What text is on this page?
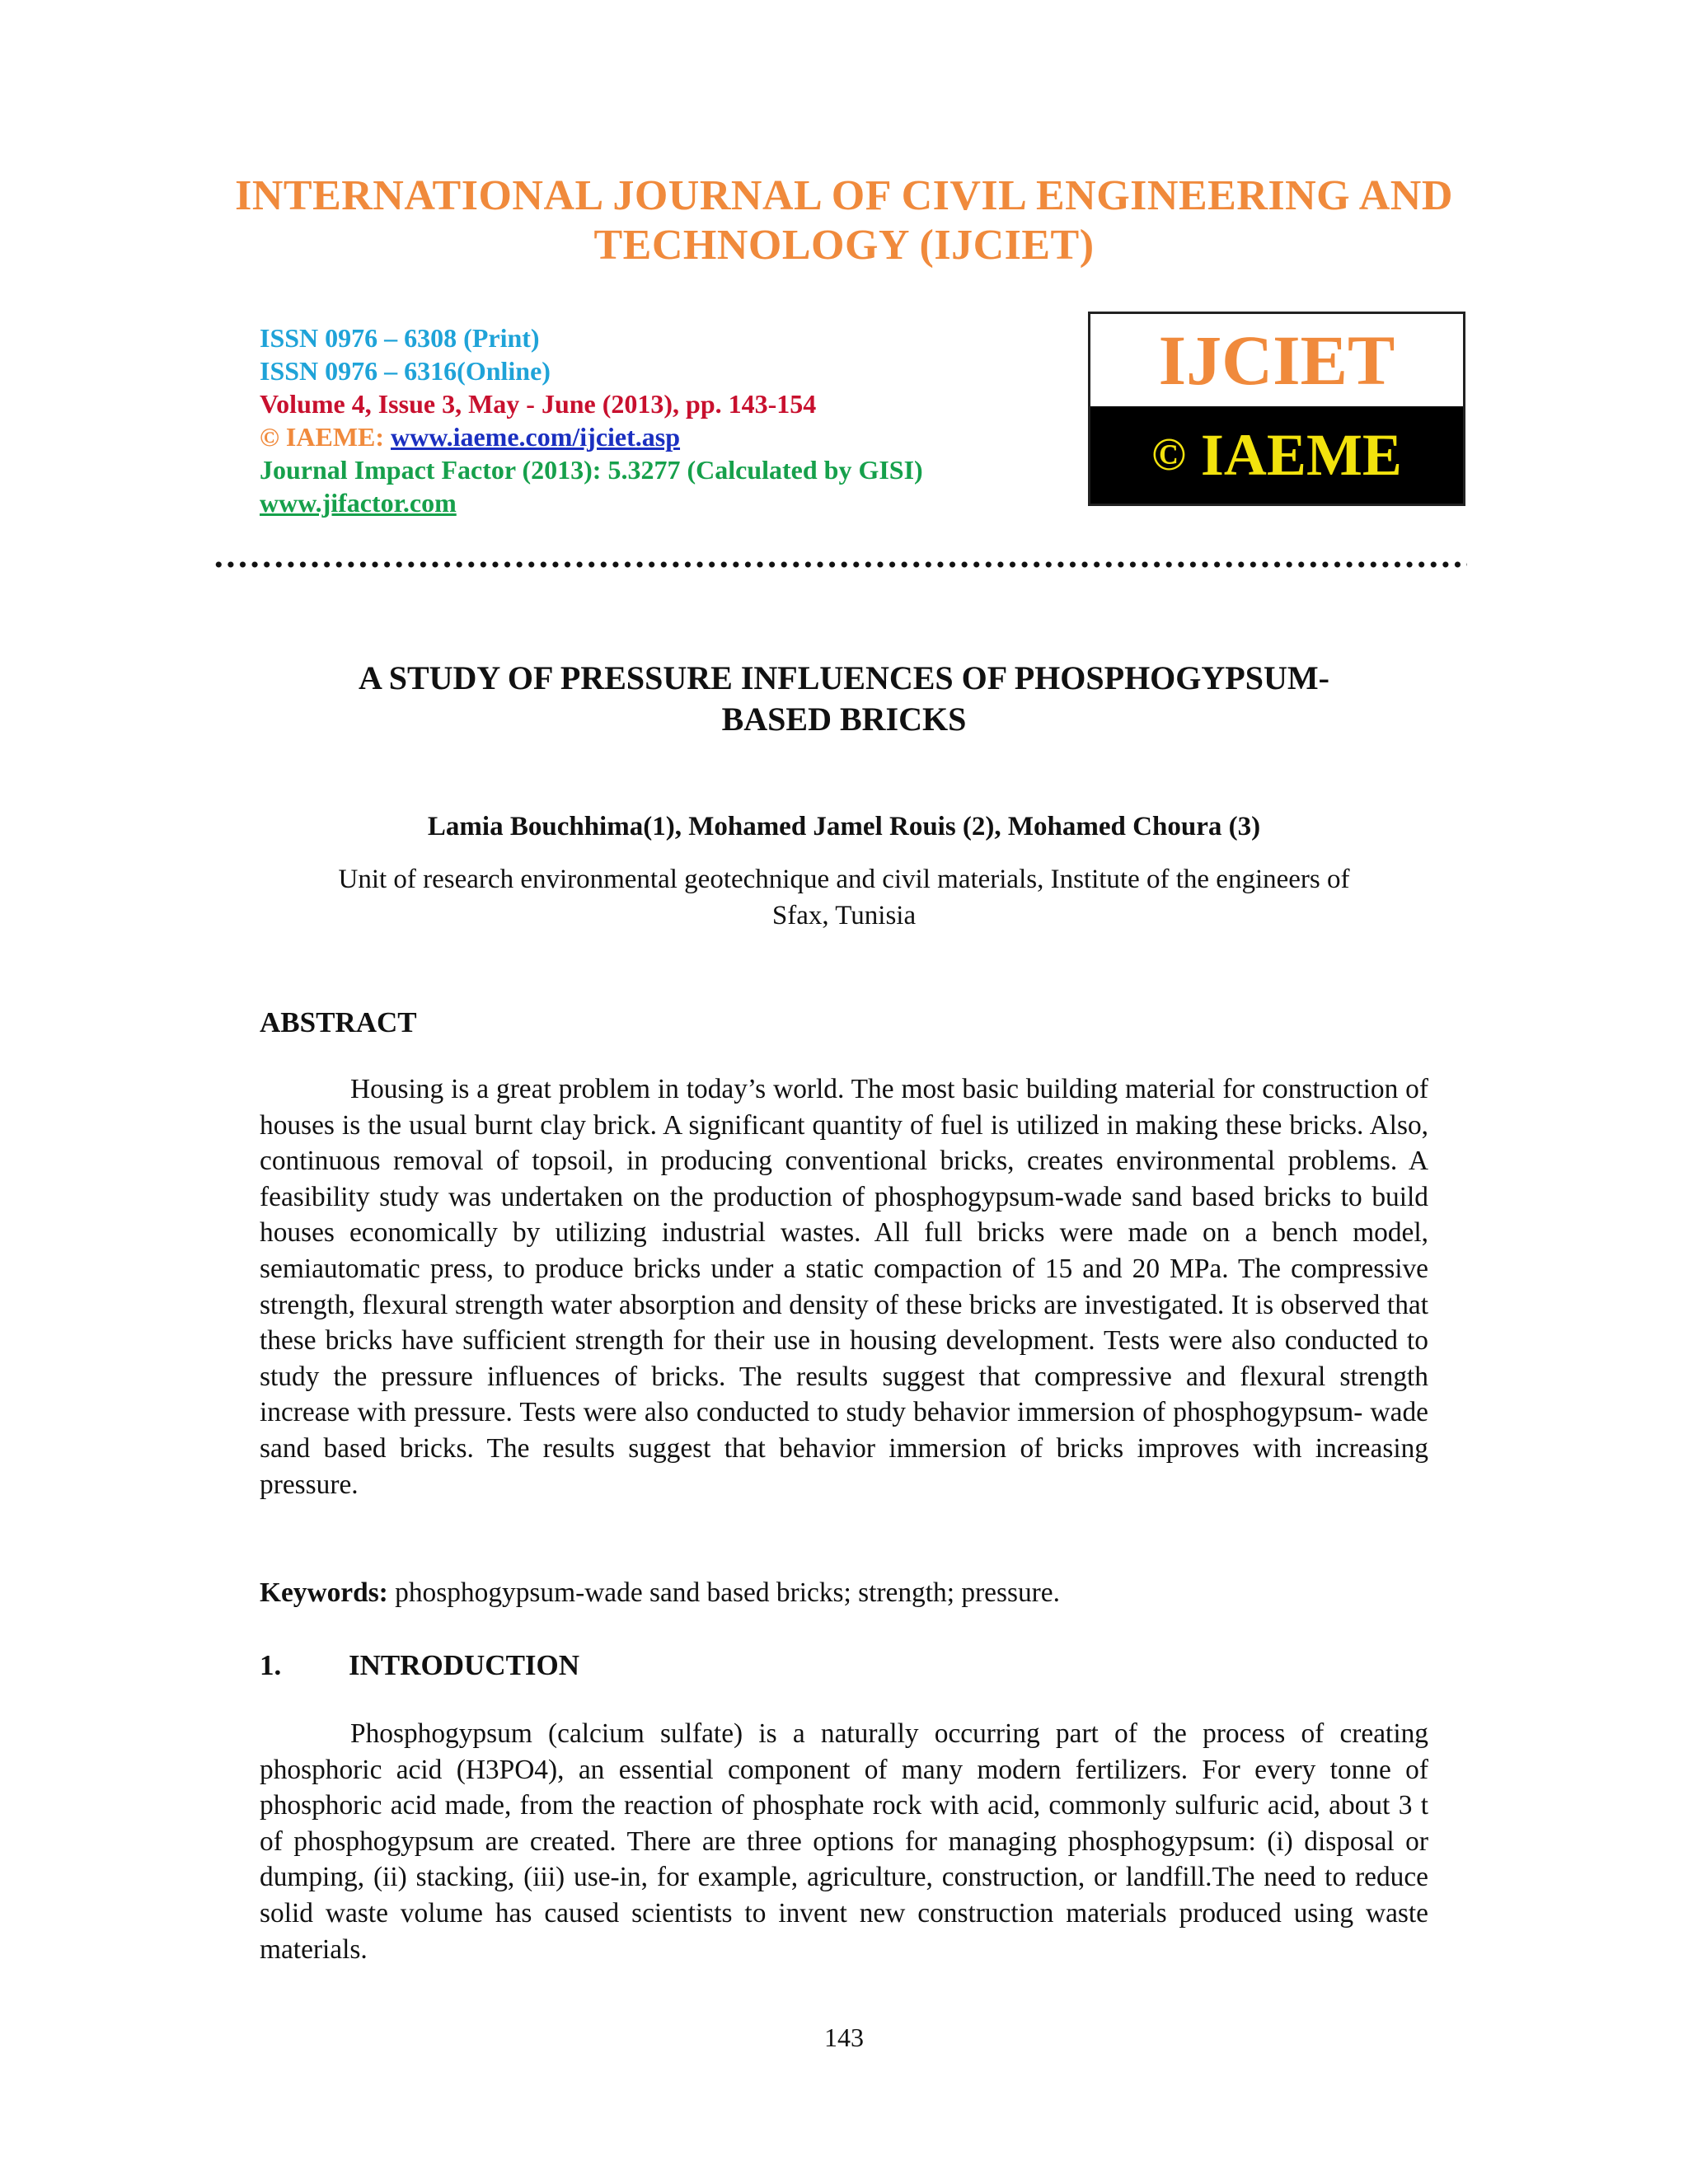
INTERNATIONAL JOURNAL OF CIVIL ENGINEERING AND
TECHNOLOGY (IJCIET)
ISSN 0976 – 6308 (Print)
ISSN 0976 – 6316(Online)
Volume 4, Issue 3, May - June (2013), pp. 143-154
© IAEME: www.iaeme.com/ijciet.asp
Journal Impact Factor (2013): 5.3277 (Calculated by GISI)
www.jifactor.com
IJCIET
© IAEME
A STUDY OF PRESSURE INFLUENCES OF PHOSPHOGYPSUM-
BASED BRICKS
Lamia Bouchhima(1), Mohamed Jamel Rouis (2), Mohamed Choura (3)
Unit of research environmental geotechnique and civil materials, Institute of the engineers of
Sfax, Tunisia
ABSTRACT
Housing is a great problem in today’s world. The most basic building material for construction of houses is the usual burnt clay brick. A significant quantity of fuel is utilized in making these bricks. Also, continuous removal of topsoil, in producing conventional bricks, creates environmental problems. A feasibility study was undertaken on the production of phosphogypsum-wade sand based bricks to build houses economically by utilizing industrial wastes. All full bricks were made on a bench model, semiautomatic press, to produce bricks under a static compaction of 15 and 20 MPa. The compressive strength, flexural strength water absorption and density of these bricks are investigated. It is observed that these bricks have sufficient strength for their use in housing development. Tests were also conducted to study the pressure influences of bricks. The results suggest that compressive and flexural strength increase with pressure. Tests were also conducted to study behavior immersion of phosphogypsum- wade sand based bricks. The results suggest that behavior immersion of bricks improves with increasing pressure.
Keywords: phosphogypsum-wade sand based bricks; strength; pressure.
1. INTRODUCTION
Phosphogypsum (calcium sulfate) is a naturally occurring part of the process of creating phosphoric acid (H3PO4), an essential component of many modern fertilizers. For every tonne of phosphoric acid made, from the reaction of phosphate rock with acid, commonly sulfuric acid, about 3 t of phosphogypsum are created. There are three options for managing phosphogypsum: (i) disposal or dumping, (ii) stacking, (iii) use-in, for example, agriculture, construction, or landfill.The need to reduce solid waste volume has caused scientists to invent new construction materials produced using waste materials.
143
